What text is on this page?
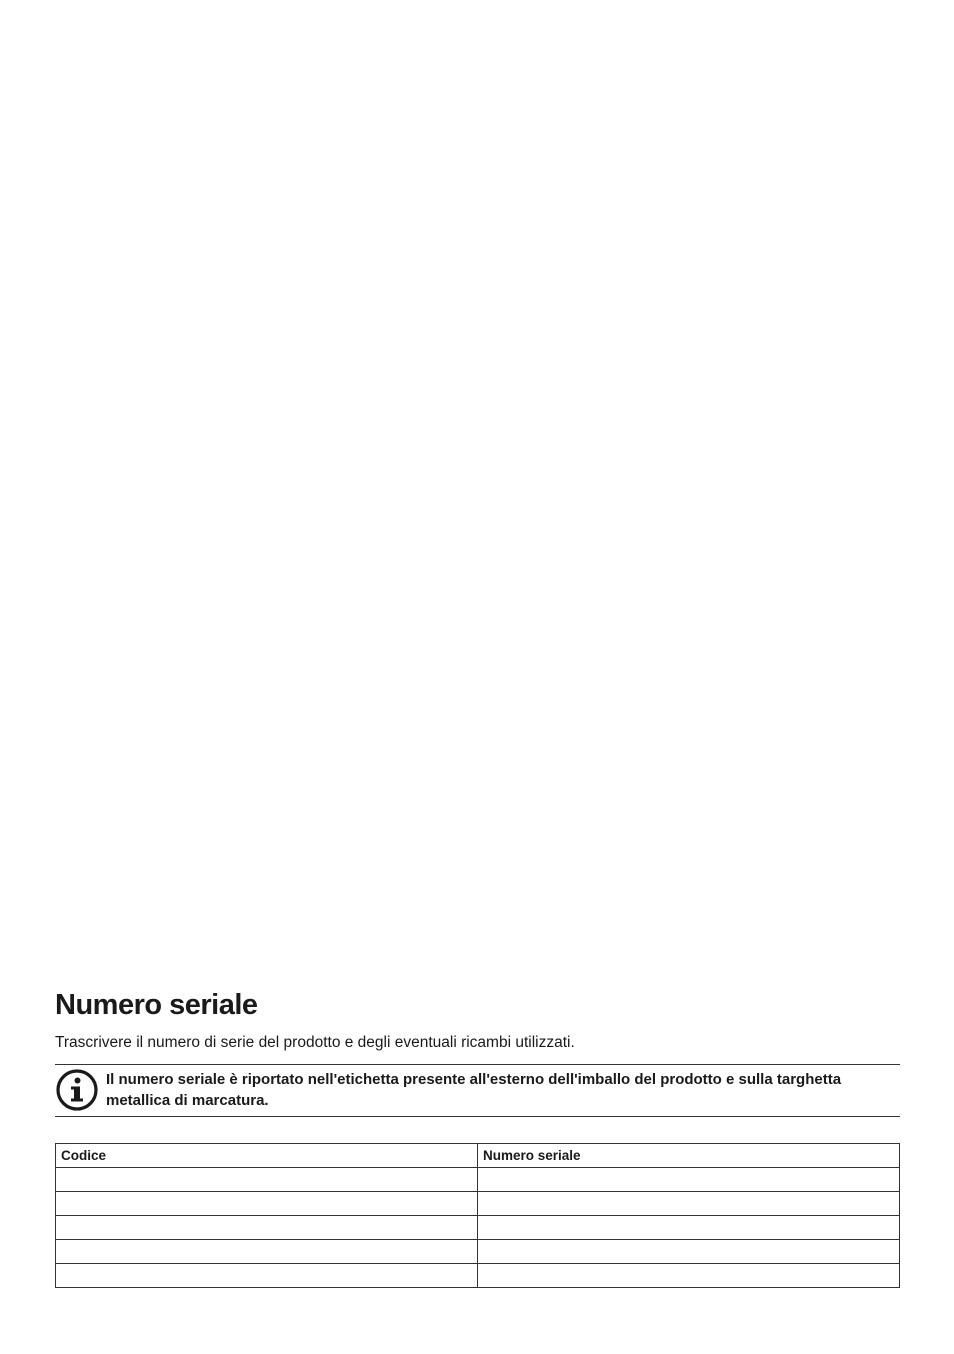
Numero seriale

Trascrivere il numero di serie del prodotto e degli eventuali ricambi utilizzati.

Il numero seriale è riportato nell'etichetta presente all'esterno dell'imballo del prodotto e sulla targhetta metallica di marcatura.
Codice	Numero seriale
